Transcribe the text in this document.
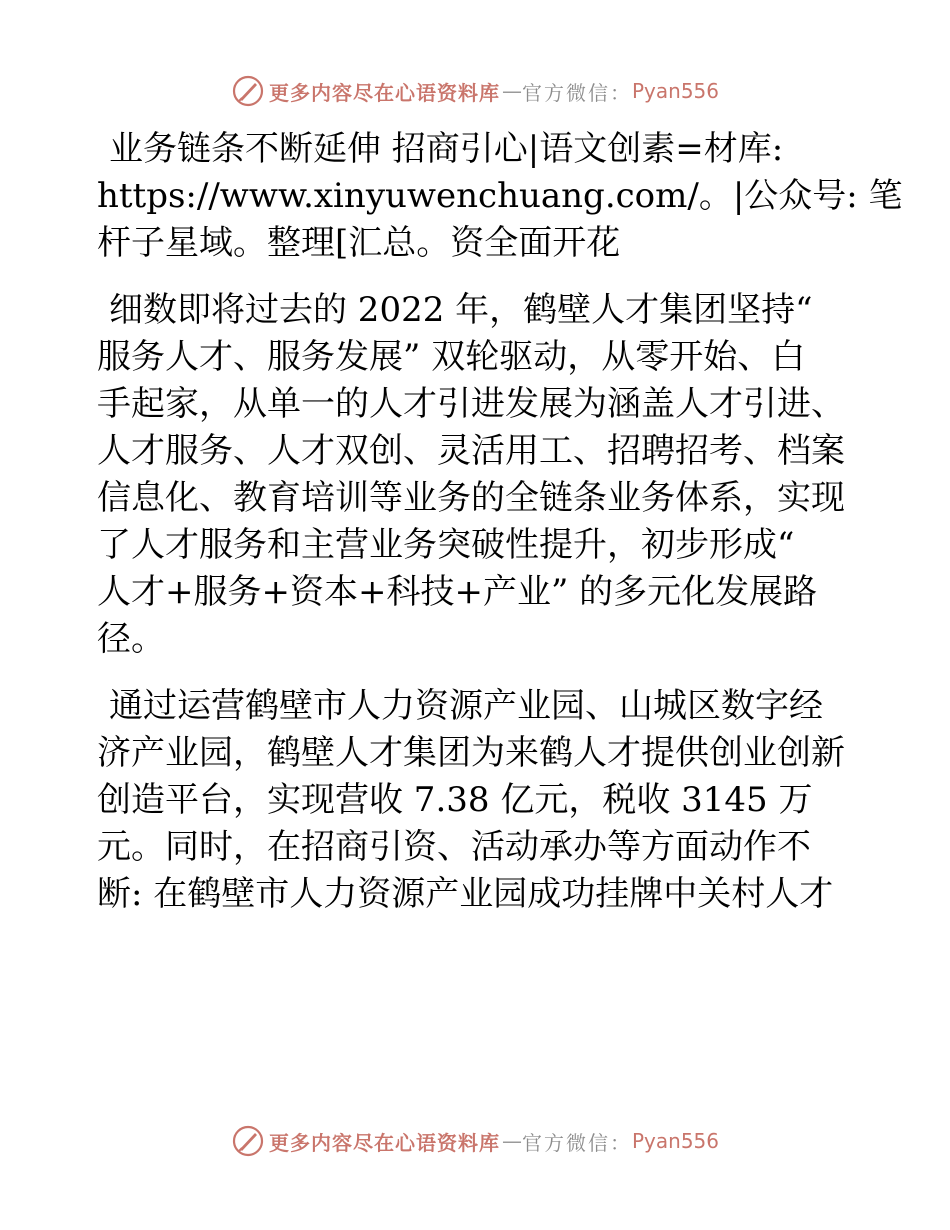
更多内容尽在心语资料库 — 官方微信： Pyan556

业务链条不断延伸 招商引心|语文创素=材库:
https://www.xinyuwenchuang.com/。|公众号: 笔
杆子星域。整理[汇总。资全面开花

细数即将过去的 2022 年，鹤壁人才集团坚持“
服务人才、服务发展” 双轮驱动，从零开始、白
手起家，从单一的人才引进发展为涵盖人才引进、
人才服务、人才双创、灵活用工、招聘招考、档案
信息化、教育培训等业务的全链条业务体系，实现
了人才服务和主营业务突破性提升，初步形成“
人才+服务+资本+科技+产业” 的多元化发展路
径。

通过运营鹤壁市人力资源产业园、山城区数字经
济产业园，鹤壁人才集团为来鹤人才提供创业创新
创造平台，实现营收 7.38 亿元，税收 3145 万
元。同时，在招商引资、活动承办等方面动作不
断: 在鹤壁市人力资源产业园成功挂牌中关村人才

更多内容尽在心语资料库 — 官方微信： Pyan556
